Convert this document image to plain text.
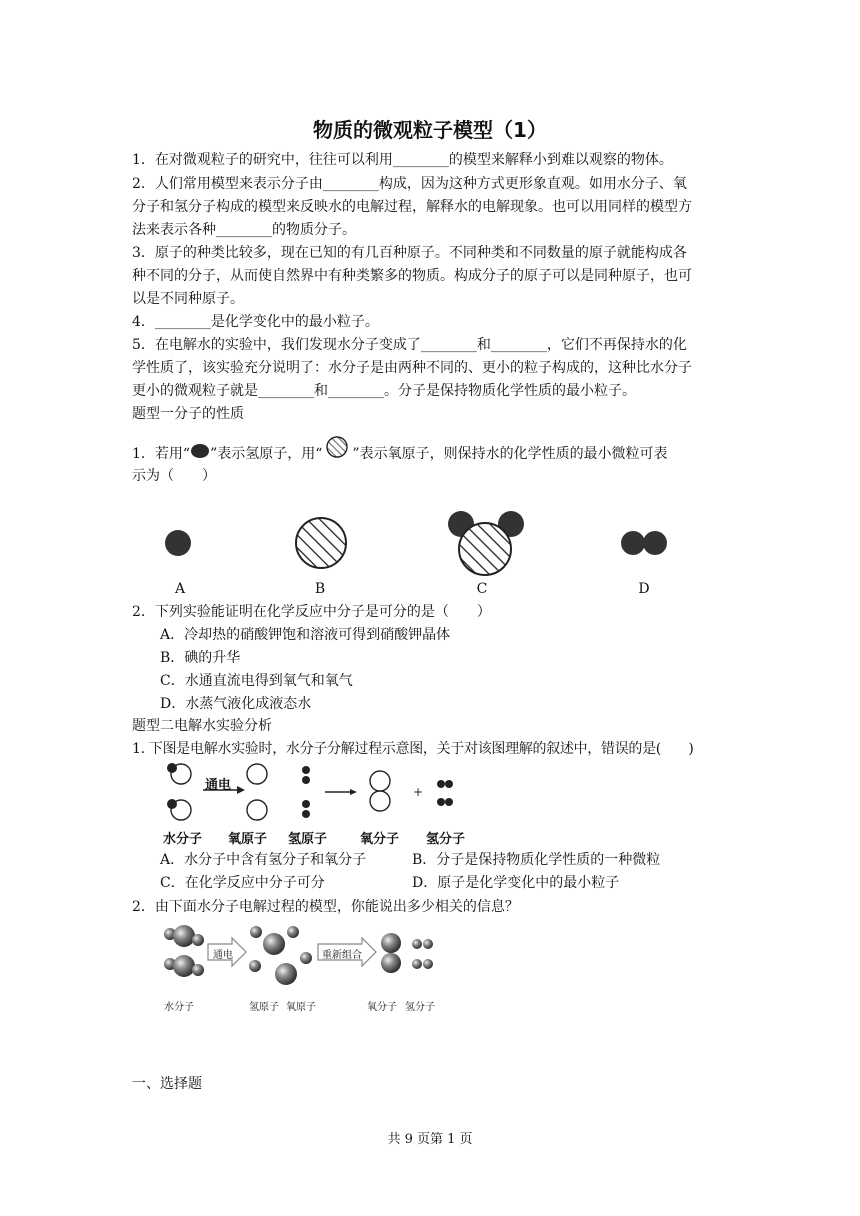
物质的微观粒子模型（1）
1．在对微观粒子的研究中，往往可以利用________的模型来解释小到难以观察的物体。
2．人们常用模型来表示分子由________构成，因为这种方式更形象直观。如用水分子、氧
分子和氢分子构成的模型来反映水的电解过程，解释水的电解现象。也可以用同样的模型方
法来表示各种________的物质分子。
3．原子的种类比较多，现在已知的有几百种原子。不同种类和不同数量的原子就能构成各
种不同的分子，从而使自然界中有种类繁多的物质。构成分子的原子可以是同种原子，也可
以是不同种原子。
4．________是化学变化中的最小粒子。
5．在电解水的实验中，我们发现水分子变成了________和________，它们不再保持水的化
学性质了，该实验充分说明了：水分子是由两种不同的、更小的粒子构成的，这种比水分子
更小的微观粒子就是________和________。分子是保持物质化学性质的最小粒子。
题型一分子的性质
1．若用“ ”表示氢原子，用“ ”表示氧原子，则保持水的化学性质的最小微粒可表
示为（　　）
A	B	C	D
2．下列实验能证明在化学反应中分子是可分的是（　　）
A．冷却热的硝酸钾饱和溶液可得到硝酸钾晶体
B．碘的升华
C．水通直流电得到氧气和氧气
D．水蒸气液化成液态水
题型二电解水实验分析
1. 下图是电解水实验时，水分子分解过程示意图，关于对该图理解的叙述中，错误的是(　　)
+
通电
水分子 氧原子 氢原子	氧分子 氢分子
A．水分子中含有氢分子和氧分子	B．分子是保持物质化学性质的一种微粒
C．在化学反应中分子可分	D．原子是化学变化中的最小粒子
2．由下面水分子电解过程的模型，你能说出多少相关的信息？
通电	重新组合
水分子	氢原子 氧原子	氧分子 氢分子
一、选择题
共 9 页第 1 页
